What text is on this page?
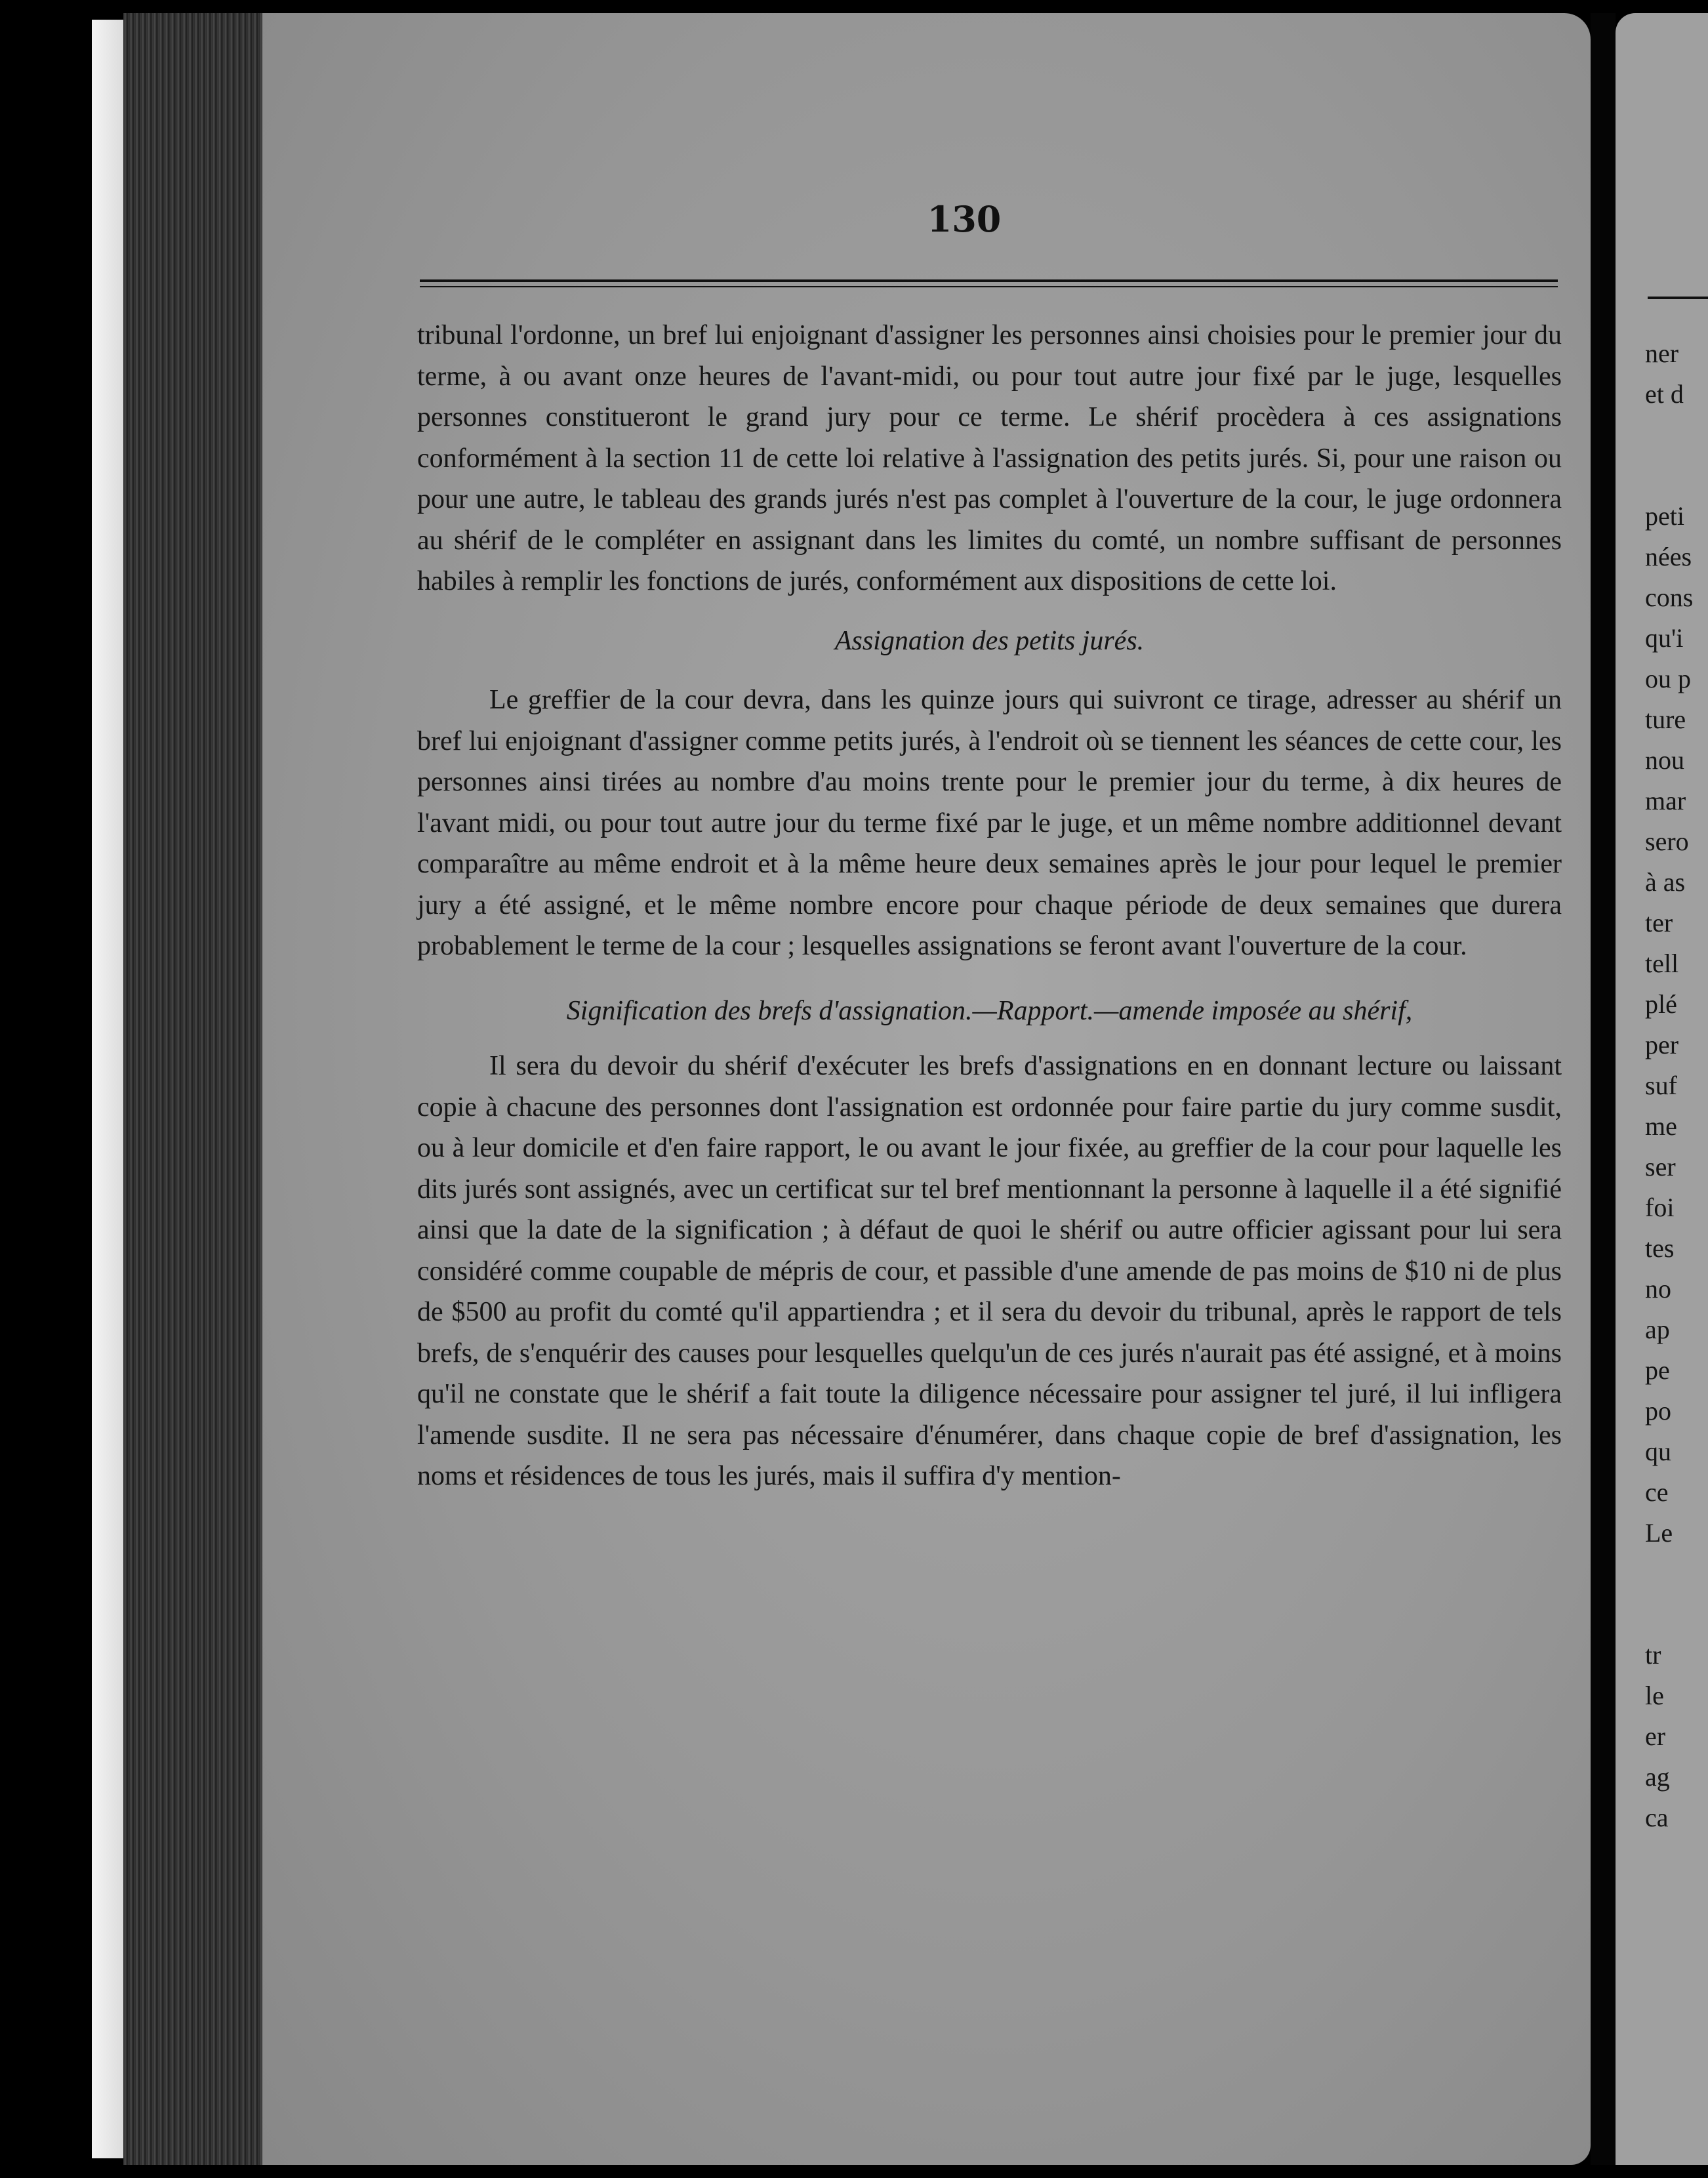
130

tribunal l'ordonne, un bref lui enjoignant d'assigner les personnes ainsi choisies pour le premier jour du terme, à ou avant onze heures de l'avant-midi, ou pour tout autre jour fixé par le juge, lesquelles personnes constitueront le grand jury pour ce terme. Le shérif procèdera à ces assignations conformément à la section 11 de cette loi relative à l'assignation des petits jurés. Si, pour une raison ou pour une autre, le tableau des grands jurés n'est pas complet à l'ouverture de la cour, le juge ordonnera au shérif de le compléter en assignant dans les limites du comté, un nombre suffisant de personnes habiles à remplir les fonctions de jurés, conformément aux dispositions de cette loi.

Assignation des petits jurés.

Le greffier de la cour devra, dans les quinze jours qui suivront ce tirage, adresser au shérif un bref lui enjoignant d'assigner comme petits jurés, à l'endroit où se tiennent les séances de cette cour, les personnes ainsi tirées au nombre d'au moins trente pour le premier jour du terme, à dix heures de l'avant midi, ou pour tout autre jour du terme fixé par le juge, et un même nombre additionnel devant comparaître au même endroit et à la même heure deux semaines après le jour pour lequel le premier jury a été assigné, et le même nombre encore pour chaque période de deux semaines que durera probablement le terme de la cour ; lesquelles assignations se feront avant l'ouverture de la cour.

Signification des brefs d'assignation.—Rapport.—amende imposée au shérif,

Il sera du devoir du shérif d'exécuter les brefs d'assignations en en donnant lecture ou laissant copie à chacune des personnes dont l'assignation est ordonnée pour faire partie du jury comme susdit, ou à leur domicile et d'en faire rapport, le ou avant le jour fixée, au greffier de la cour pour laquelle les dits jurés sont assignés, avec un certificat sur tel bref mentionnant la personne à laquelle il a été signifié ainsi que la date de la signification ; à défaut de quoi le shérif ou autre officier agissant pour lui sera considéré comme coupable de mépris de cour, et passible d'une amende de pas moins de $10 ni de plus de $500 au profit du comté qu'il appartiendra ; et il sera du devoir du tribunal, après le rapport de tels brefs, de s'enquérir des causes pour lesquelles quelqu'un de ces jurés n'aurait pas été assigné, et à moins qu'il ne constate que le shérif a fait toute la diligence nécessaire pour assigner tel juré, il lui infligera l'amende susdite. Il ne sera pas nécessaire d'énumérer, dans chaque copie de bref d'assignation, les noms et résidences de tous les jurés, mais il suffira d'y mention-

ner
et d
peti
nées
cons
qu'i
ou p
ture
nou
mar
sero
à as
ter
tell
plé
per
suf
me
ser
foi
tes
no
ap
pe
po
qu
ce
Le
tr
le
er
ag
ca
